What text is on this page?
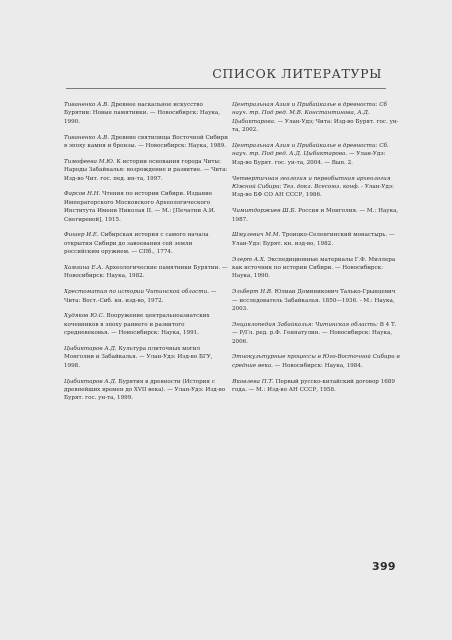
СПИСОК ЛИТЕРАТУРЫ

Тиваненко А.В. Древнее наскальное искусство Бурятии: Новые памятники. — Новосибирск: Наука, 1990.

Тиваненко А.В. Древние святилища Восточной Сибири в эпоху камня и бронзы. — Новосибирск: Наука, 1989.

Тимофеева М.Ю. К истории основания города Читы: Народы Забайкалья: возрождение и развитие. — Чита: Изд-во Чит. гос. пед. ин-та, 1997.

Фарсов Н.Н. Чтения по истории Сибири. Издание Императорского Московского Археологического Института Имени Николая II. — М.: [Печатни А.И. Снегиревой], 1915.

Фишер И.Е. Сибирская история с самого начала открытия Сибири до завоевания сей земли российским оружием. — СПб., 1774.

Хамзина Е.А. Археологические памятники Бурятии. — Новосибирск: Наука, 1982.

Хрестоматия по истории Читинской области. — Чита: Вост.-Сиб. кн. изд-во, 1972.

Худяков Ю.С. Вооружение центральноазиатских кочевников в эпоху раннего и развитого средневековья. — Новосибирск: Наука, 1991.

Цыбиктаров А.Д. Культура плиточных могил Монголии и Забайкалья. — Улан-Удэ: Изд-во БГУ, 1998.

Цыбиктаров А.Д. Бурятия в древности (История с древнейших времен до XVII века). — Улан-Удэ: Изд-во Бурят. гос. ун-та, 1999.

Центральная Азия и Прибайкалье в древности: Сб науч. тр. Под ред. М.В. Константинова, А.Д. Цыбиктарова. — Улан-Удэ; Чита: Изд-во Бурят. гос. ун-та, 2002.

Центральная Азия и Прибайкалье в древности: Сб. науч. тр. Под ред. А.Д. Цыбиктарова. — Улан-Удэ: Изд-во Бурят. гос. ун-та, 2004. — Вып. 2.

Четвертичная геология и первобытная археология Южной Сибири: Тез. докл. Всесоюз. конф. - Улан-Удэ: Изд-во БФ СО АН СССР, 1986.

Чимитдоржиев Ш.Б. Россия и Монголия. — М.: Наука, 1987.

Шмулевич М.М. Троицко-Селенгинский монастырь. — Улан-Удэ: Бурят. кн. изд-во, 1982.

Элерт А.Х. Экспедиционные материалы Г.Ф. Миллера как источник по истории Сибири. — Новосибирск: Наука, 1990.

Эльберт Н.В. Юлиан Доминикович Талько-Грынцевич — исследователь Забайкалья. 1850—1936. - М.: Наука, 2003.

Энциклопедия Забайкалья: Читинская область: В 4 Т. — Р/Гл. ред. р.Ф. Геннатулин. — Новосибирск: Наука, 2006.

Этнокультурные процессы в Юго-Восточной Сибири в средние века. — Новосибирск: Наука, 1984.

Яковлева П.Т. Первый русско-китайский договор 1689 года. — М.: Изд-во АН СССР, 1958.

399
